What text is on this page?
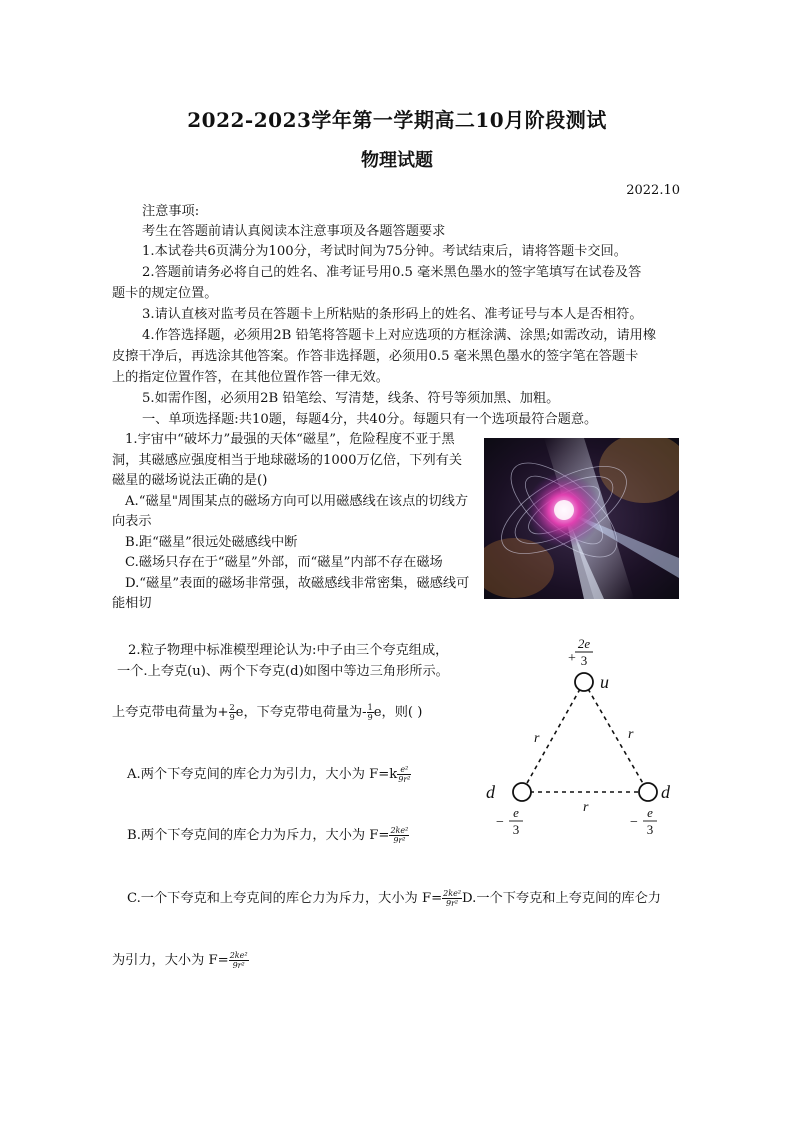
2022-2023学年第一学期高二10月阶段测试
物理试题
2022.10
注意事项:
考生在答题前请认真阅读本注意事项及各题答题要求
1.本试卷共6页满分为100分，考试时间为75分钟。考试结束后，请将答题卡交回。
2.答题前请务必将自己的姓名、准考证号用0.5 毫米黑色墨水的签字笔填写在试卷及答
题卡的规定位置。
3.请认直核对监考员在答题卡上所粘贴的条形码上的姓名、准考证号与本人是否相符。
4.作答选择题，必须用2B 铅笔将答题卡上对应选项的方框涂满、涂黑;如需改动，请用橡
皮擦干净后，再选涂其他答案。作答非选择题，必须用0.5 毫米黑色墨水的签字笔在答题卡
上的指定位置作答，在其他位置作答一律无效。
5.如需作图，必须用2B 铅笔绘、写清楚，线条、符号等须加黑、加粗。
一、单项选择题:共10题，每题4分，共40分。每题只有一个选项最符合题意。

1.宇宙中“破坏力”最强的天体“磁星”，危险程度不亚于黑洞，其磁感应强度相当于地球磁场的1000万亿倍，下列有关磁星的磁场说法正确的是()

A.“磁星"周围某点的磁场方向可以用磁感线在该点的切线方向表示

B.距“磁星”很远处磁感线中断

C.磁场只存在于“磁星”外部，而“磁星”内部不存在磁场

D.“磁星”表面的磁场非常强，故磁感线非常密集，磁感线可能相切

2.粒子物理中标准模型理论认为:中子由三个夸克组成，
一个.上夸克(u)、两个下夸克(d)如图中等边三角形所示。
上夸克带电荷量为+ $\frac{2}{9}$ e，下夸克带电荷量为- $\frac{1}{9}$ e，则( )
A.两个下夸克间的库仑力为引力，大小为 $F=k \frac{\text{e²}}{\text{9r²}}$
B.两个下夸克间的库仑力为斥力，大小为 $F= \frac{\text{2ke²}}{\text{9r²}}$
C.一个下夸克和上夸克间的库仑力为斥力，大小为 $F= \frac{\text{2ke²}}{\text{9r²}} D$.一个下夸克和上夸克间的库仑力
为引力，大小为 $F= \frac{\text{2ke²}}{\text{9r²}}$
+
2e
3
u
d	d
r	r
r
−
e
3	−
e
3
